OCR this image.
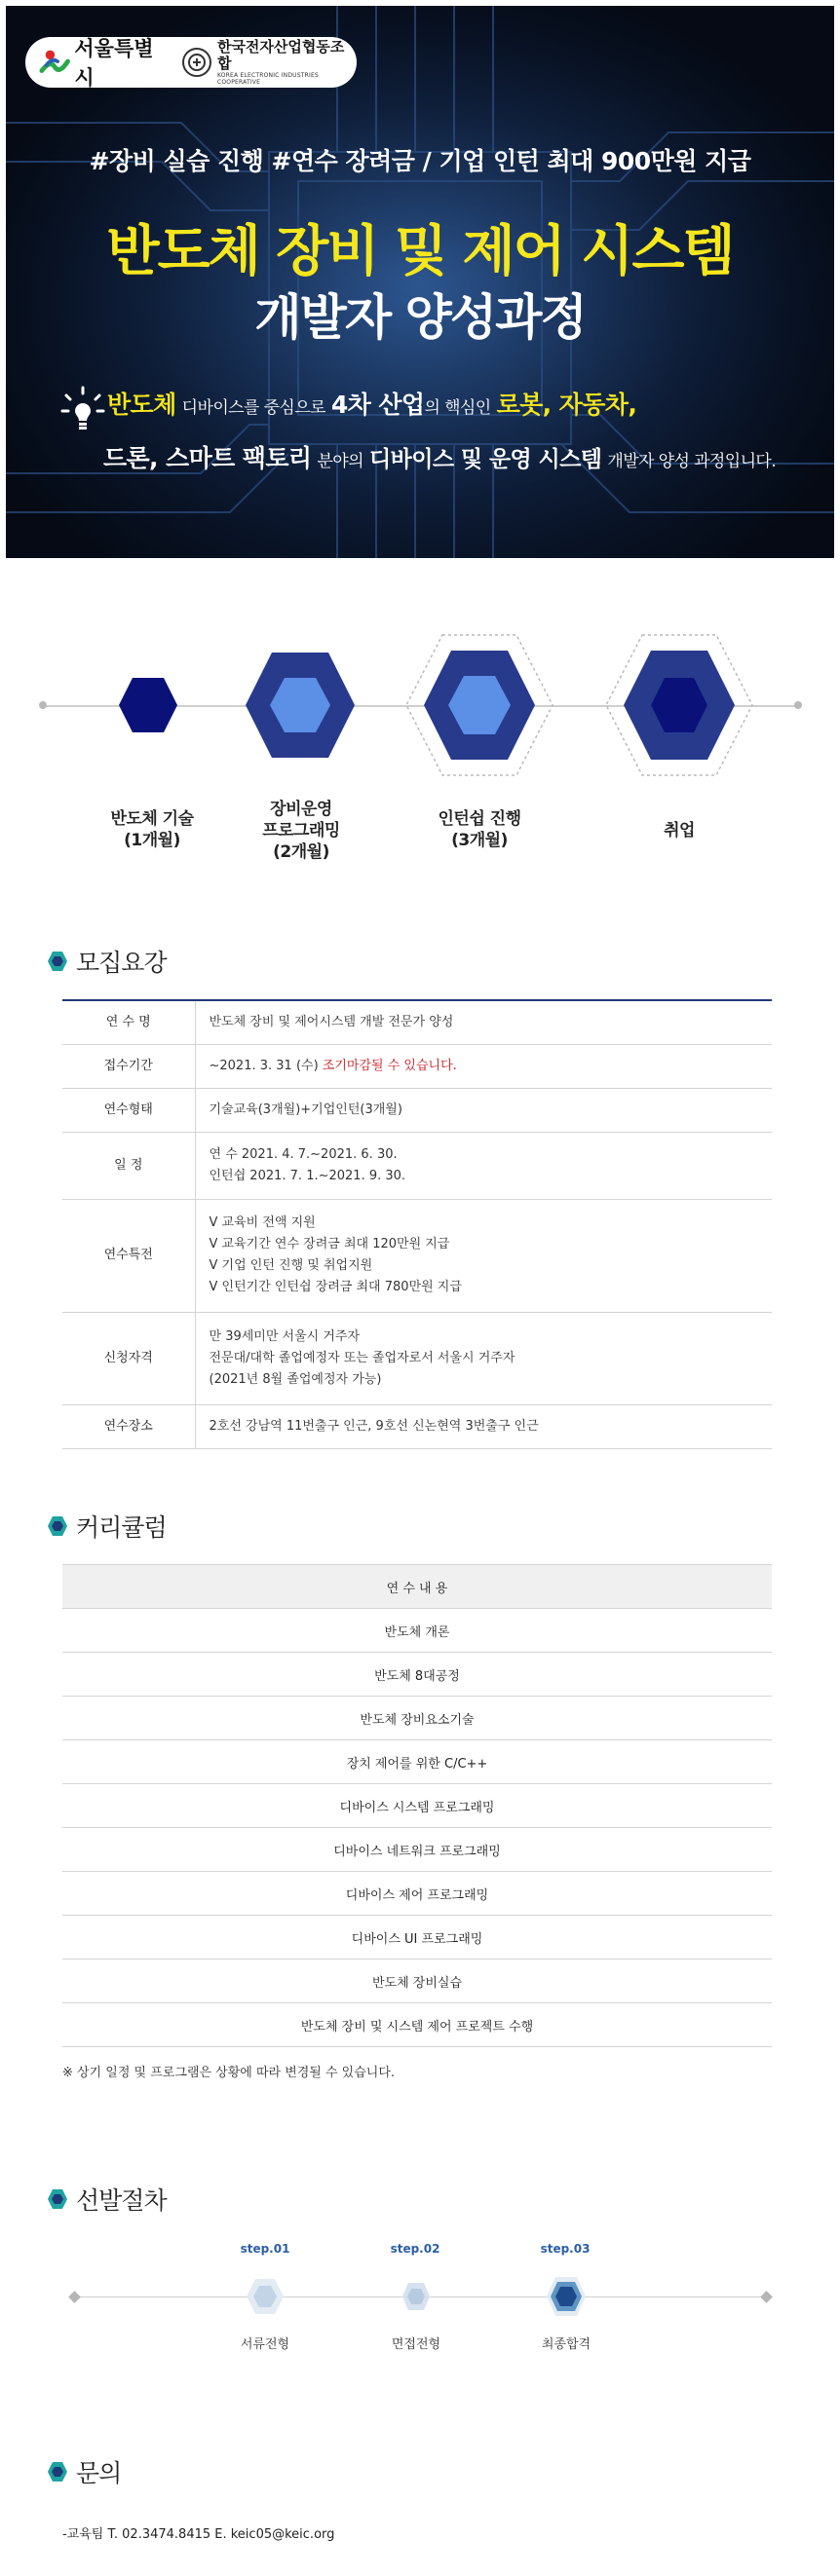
서울특별시
한국전자산업협동조합
KOREA ELECTRONIC INDUSTRIES COOPERATIVE
#장비 실습 진행 #연수 장려금 / 기업 인턴 최대 900만원 지급
반도체 장비 및 제어 시스템
개발자 양성과정
반도체 디바이스를 중심으로 4차 산업의 핵심인 로봇, 자동차,
드론, 스마트 팩토리 분야의 디바이스 및 운영 시스템 개발자 양성 과정입니다.
반도체 기술
(1개월)
장비운영
프로그래밍
(2개월)
인턴쉽 진행
(3개월)	취업
모집요강
연 수 명	반도체 장비 및 제어시스템 개발 전문가 양성
접수기간	~2021. 3. 31 (수) 조기마감될 수 있습니다.
연수형태	기술교육(3개월)+기업인턴(3개월)
일 정	연 수 2021. 4. 7.~2021. 6. 30.
인턴쉽 2021. 7. 1.~2021. 9. 30.

연수특전	V 교육비 전액 지원
V 교육기간 연수 장려금 최대 120만원 지급
V 기업 인턴 진행 및 취업지원
V 인턴기간 인턴쉽 장려금 최대 780만원 지급

신청자격	만 39세미만 서울시 거주자
전문대/대학 졸업예정자 또는 졸업자로서 서울시 거주자
(2021년 8월 졸업예정자 가능)

연수장소	2호선 강남역 11번출구 인근, 9호선 신논현역 3번출구 인근
커리큘럼
연 수 내 용
반도체 개론
반도체 8대공정
반도체 장비요소기술
장치 제어를 위한 C/C++
디바이스 시스템 프로그래밍
디바이스 네트워크 프로그래밍
디바이스 제어 프로그래밍
디바이스 UI 프로그래밍
반도체 장비실습
반도체 장비 및 시스템 제어 프로젝트 수행
※ 상기 일정 및 프로그램은 상황에 따라 변경될 수 있습니다.
선발절차
step.01	step.02	step.03
서류전형	면접전형	최종합격
문의
-교육팀 T. 02.3474.8415 E. keic05@keic.org
